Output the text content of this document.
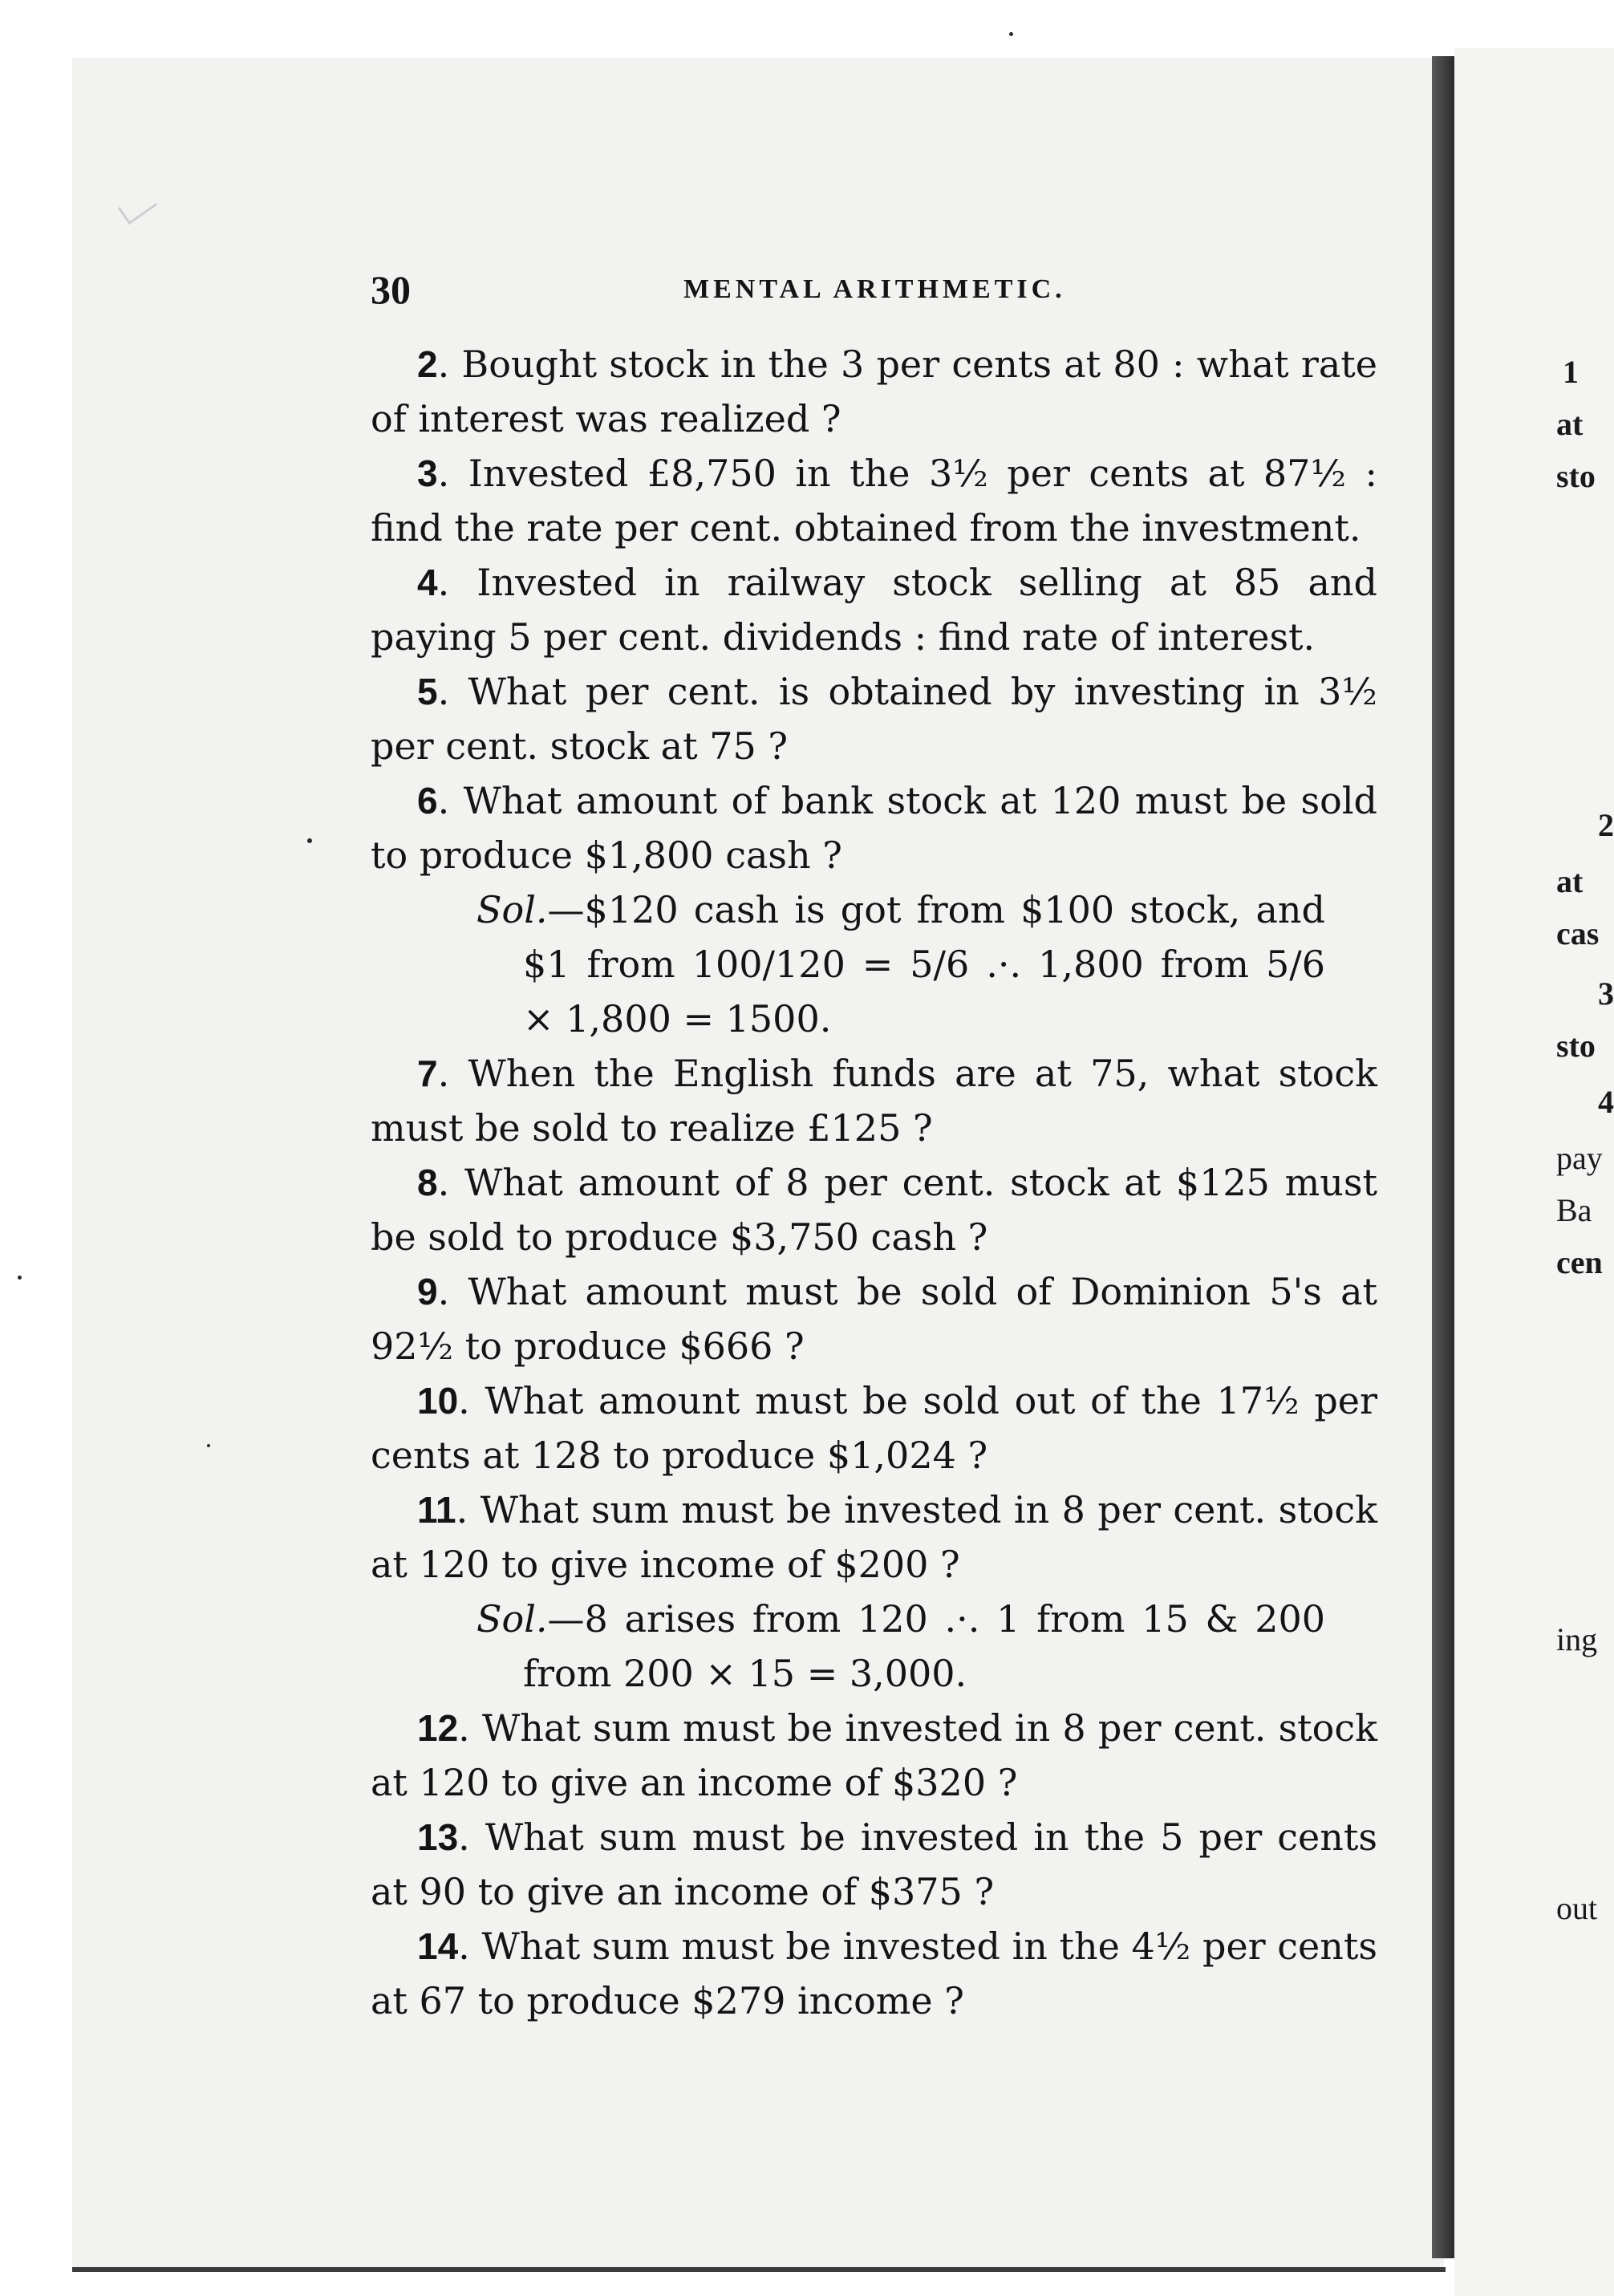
30	MENTAL ARITHMETIC.

2. Bought stock in the 3 per cents at 80 : what rate of interest was realized ?

3. Invested £8,750 in the 3½ per cents at 87½ : find the rate per cent. obtained from the investment.

4. Invested in railway stock selling at 85 and paying 5 per cent. dividends : find rate of interest.

5. What per cent. is obtained by investing in 3½ per cent. stock at 75 ?

6. What amount of bank stock at 120 must be sold to produce $1,800 cash ?

Sol.—$120 cash is got from $100 stock, and $1 from 100/120 = 5/6 .·. 1,800 from 5/6 × 1,800 = 1500.

7. When the English funds are at 75, what stock must be sold to realize £125 ?

8. What amount of 8 per cent. stock at $125 must be sold to produce $3,750 cash ?

9. What amount must be sold of Dominion 5's at 92½ to produce $666 ?

10. What amount must be sold out of the 17½ per cents at 128 to produce $1,024 ?

11. What sum must be invested in 8 per cent. stock at 120 to give income of $200 ?

Sol.—8 arises from 120 .·. 1 from 15 & 200 from 200 × 15 = 3,000.

12. What sum must be invested in 8 per cent. stock at 120 to give an income of $320 ?

13. What sum must be invested in the 5 per cents at 90 to give an income of $375 ?

14. What sum must be invested in the 4½ per cents at 67 to produce $279 income ?

1
at
sto
2
at
cas
3
sto
4
pay
Ba
cen
ing
out
